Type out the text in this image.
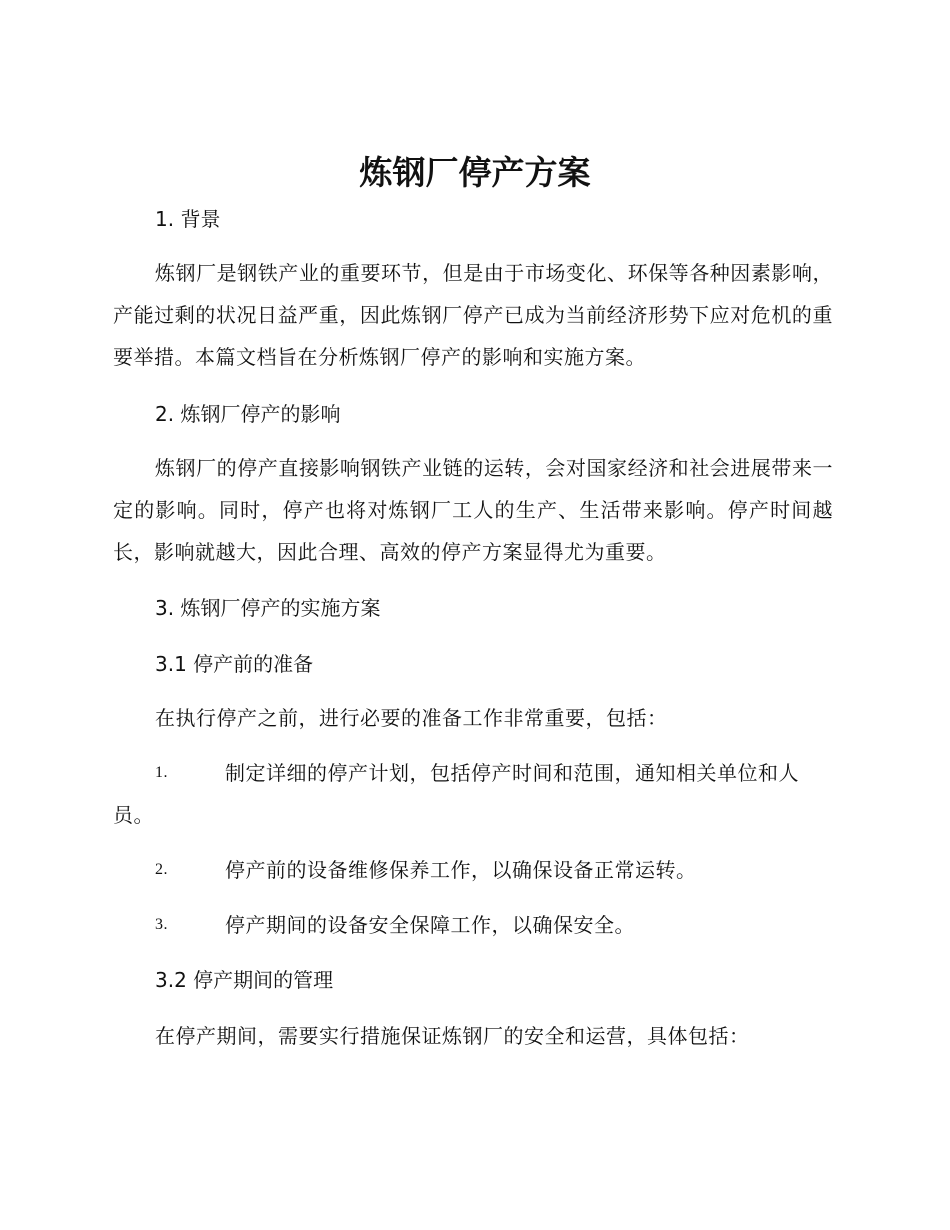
炼钢厂停产方案
1. 背景

炼钢厂是钢铁产业的重要环节，但是由于市场变化、环保等各种因素影响，产能过剩的状况日益严重，因此炼钢厂停产已成为当前经济形势下应对危机的重要举措。本篇文档旨在分析炼钢厂停产的影响和实施方案。

2. 炼钢厂停产的影响

炼钢厂的停产直接影响钢铁产业链的运转，会对国家经济和社会进展带来一定的影响。同时，停产也将对炼钢厂工人的生产、生活带来影响。停产时间越长，影响就越大，因此合理、高效的停产方案显得尤为重要。

3. 炼钢厂停产的实施方案
3.1 停产前的准备

在执行停产之前，进行必要的准备工作非常重要，包括：

1.	制定详细的停产计划，包括停产时间和范围，通知相关单位和人员。
2.	停产前的设备维修保养工作，以确保设备正常运转。
3.	停产期间的设备安全保障工作，以确保安全。
3.2 停产期间的管理

在停产期间，需要实行措施保证炼钢厂的安全和运营，具体包括：
